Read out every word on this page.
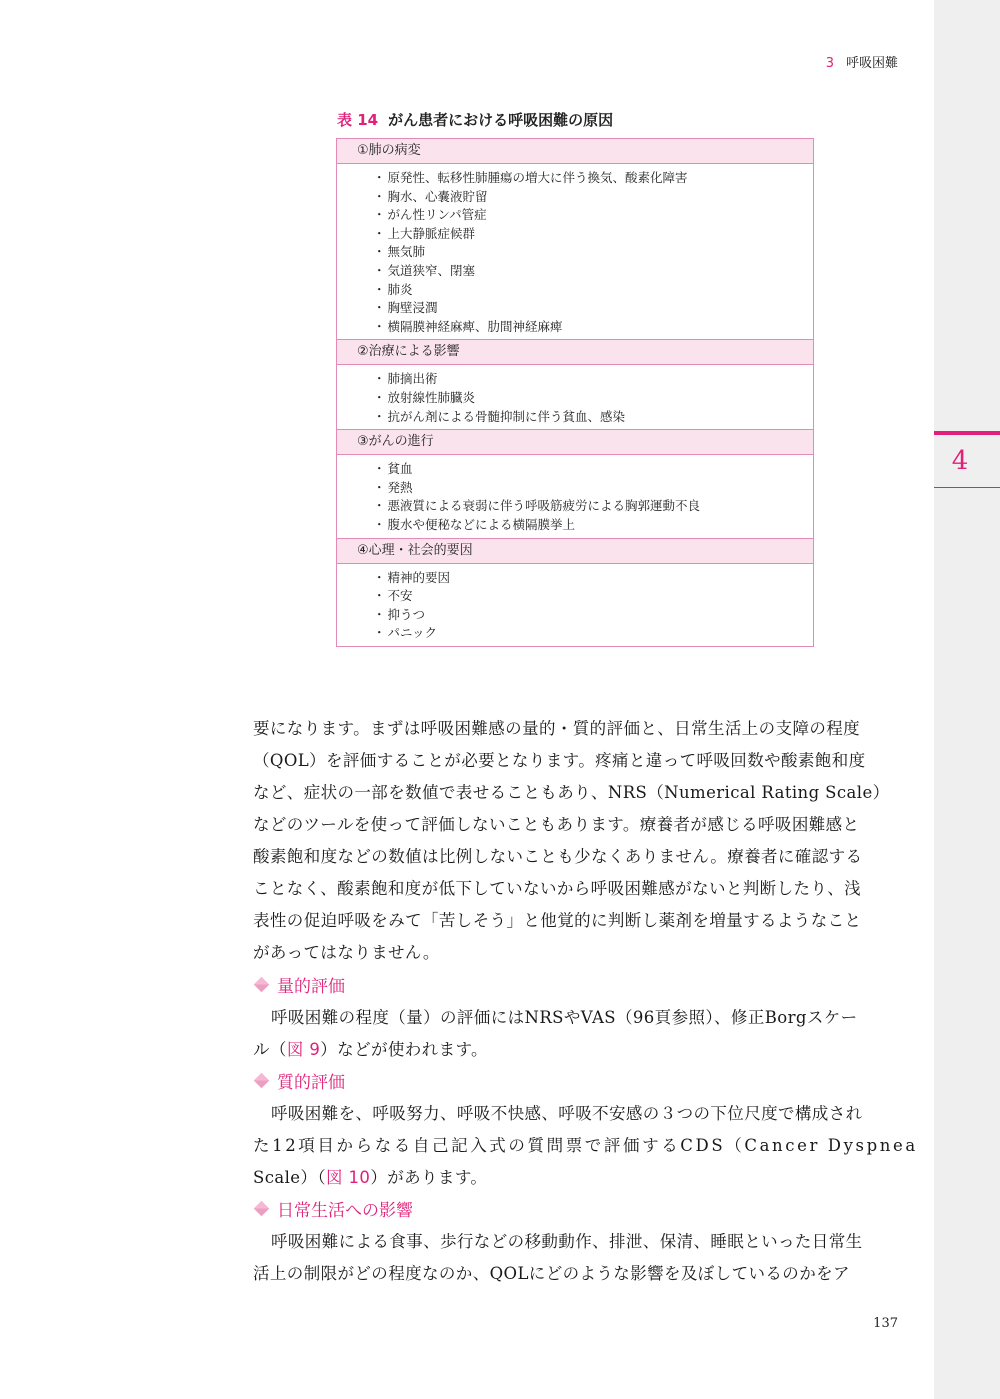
4
3 呼吸困難
表 14 がん患者における呼吸困難の原因
①肺の病変
・ 原発性、転移性肺腫瘍の増大に伴う換気、酸素化障害
・ 胸水、心嚢液貯留
・ がん性リンパ管症
・ 上大静脈症候群
・ 無気肺
・ 気道狭窄、閉塞
・ 肺炎
・ 胸壁浸潤
・ 横隔膜神経麻痺、肋間神経麻痺
②治療による影響
・ 肺摘出術
・ 放射線性肺臓炎
・ 抗がん剤による骨髄抑制に伴う貧血、感染
③がんの進行
・ 貧血
・ 発熱
・ 悪液質による衰弱に伴う呼吸筋疲労による胸郭運動不良
・ 腹水や便秘などによる横隔膜挙上
④心理・社会的要因
・ 精神的要因
・ 不安
・ 抑うつ
・ パニック
要になります。まずは呼吸困難感の量的・質的評価と、日常生活上の支障の程度
（QOL）を評価することが必要となります。疼痛と違って呼吸回数や酸素飽和度
など、症状の一部を数値で表せることもあり、NRS（Numerical Rating Scale）
などのツールを使って評価しないこともあります。療養者が感じる呼吸困難感と
酸素飽和度などの数値は比例しないことも少なくありません。療養者に確認する
ことなく、酸素飽和度が低下していないから呼吸困難感がないと判断したり、浅
表性の促迫呼吸をみて「苦しそう」と他覚的に判断し薬剤を増量するようなこと
があってはなりません。
量的評価
呼吸困難の程度（量）の評価にはNRSやVAS（96頁参照）、修正Borgスケー
ル（図 9）などが使われます。
質的評価
呼吸困難を、呼吸努力、呼吸不快感、呼吸不安感の３つの下位尺度で構成され
た12項目からなる自己記入式の質問票で評価するCDS（Cancer Dyspnea
Scale）（図 10）があります。
日常生活への影響
呼吸困難による食事、歩行などの移動動作、排泄、保清、睡眠といった日常生
活上の制限がどの程度なのか、QOLにどのような影響を及ぼしているのかをア
137
